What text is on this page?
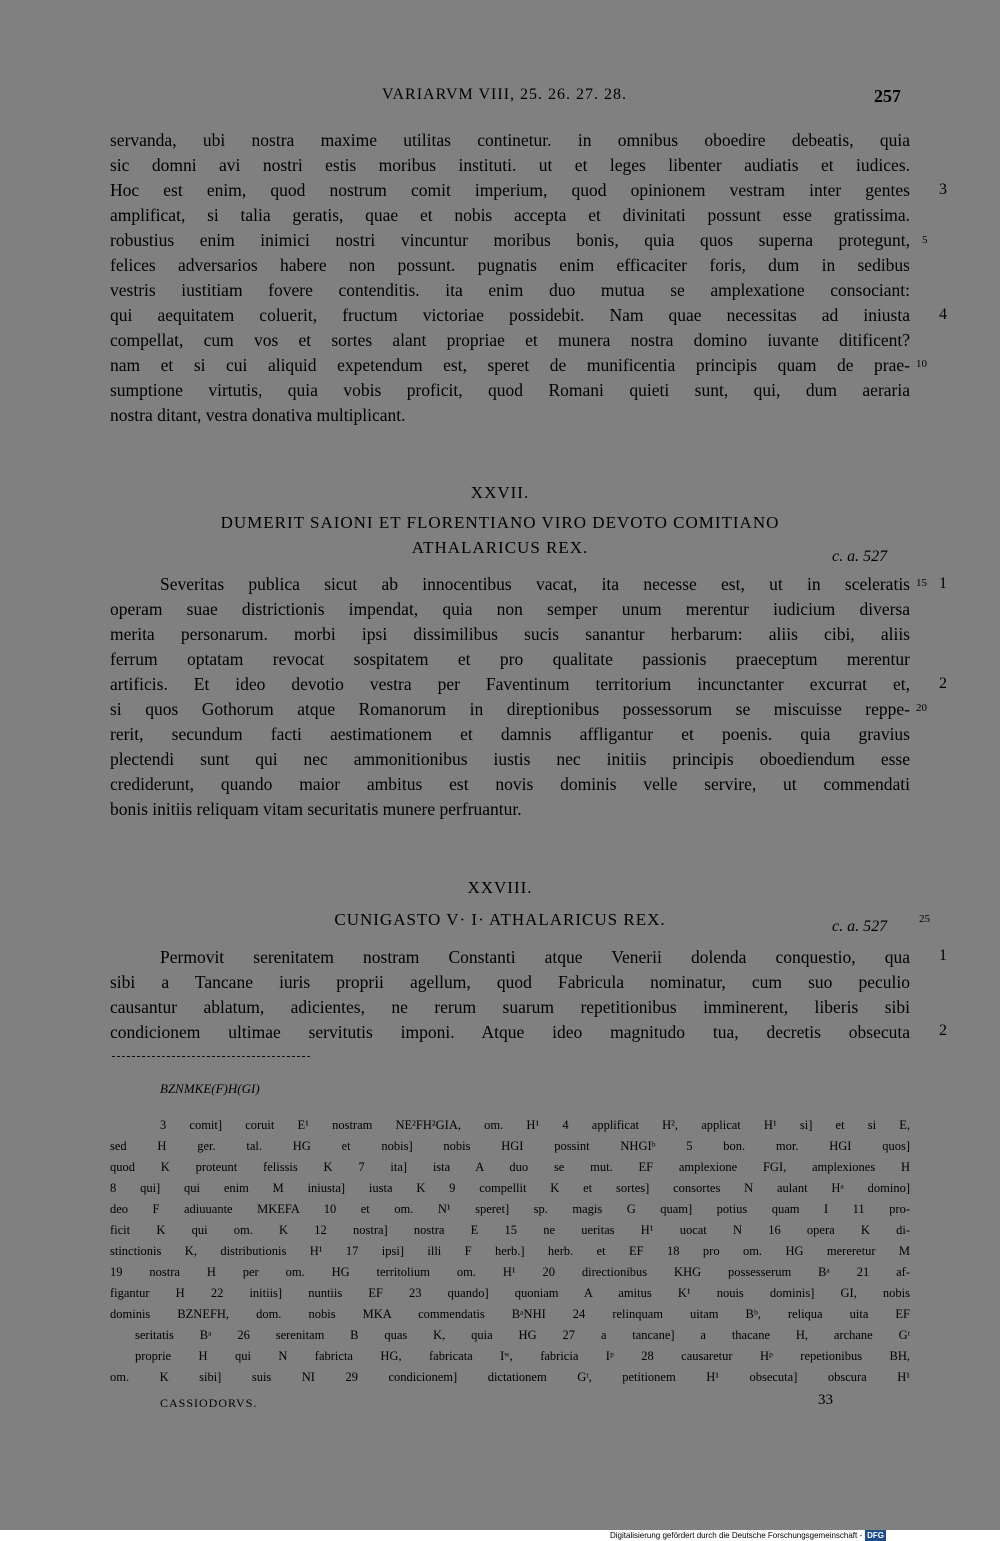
VARIARVM VIII, 25. 26. 27. 28.	257
servanda, ubi nostra maxime utilitas continetur. in omnibus oboedire debeatis, quia
sic domni avi nostri estis moribus instituti. ut et leges libenter audiatis et iudices.
Hoc est enim, quod nostrum comit imperium, quod opinionem vestram inter gentes
amplificat, si talia geratis, quae et nobis accepta et divinitati possunt esse gratissima.
robustius enim inimici nostri vincuntur moribus bonis, quia quos superna protegunt,
felices adversarios habere non possunt. pugnatis enim efficaciter foris, dum in sedibus
vestris iustitiam fovere contenditis. ita enim duo mutua se amplexatione consociant:
qui aequitatem coluerit, fructum victoriae possidebit. Nam quae necessitas ad iniusta
compellat, cum vos et sortes alant propriae et munera nostra domino iuvante ditificent?
nam et si cui aliquid expetendum est, speret de munificentia principis quam de prae-
sumptione virtutis, quia vobis proficit, quod Romani quieti sunt, qui, dum aeraria
nostra ditant, vestra donativa multiplicant.
3
5
4
10
XXVII.
DUMERIT SAIONI ET FLORENTIANO VIRO DEVOTO COMITIANO
ATHALARICUS REX.	c. a. 527
Severitas publica sicut ab innocentibus vacat, ita necesse est, ut in sceleratis
operam suae districtionis impendat, quia non semper unum merentur iudicium diversa
merita personarum. morbi ipsi dissimilibus sucis sanantur herbarum: aliis cibi, aliis
ferrum optatam revocat sospitatem et pro qualitate passionis praeceptum merentur
artificis. Et ideo devotio vestra per Faventinum territorium incunctanter excurrat et,
si quos Gothorum atque Romanorum in direptionibus possessorum se miscuisse reppe-
rerit, secundum facti aestimationem et damnis affligantur et poenis. quia gravius
plectendi sunt qui nec ammonitionibus iustis nec initiis principis oboediendum esse
crediderunt, quando maior ambitus est novis dominis velle servire, ut commendati
bonis initiis reliquam vitam securitatis munere perfruantur.
15 1
2
20
XXVIII.
CUNIGASTO V· I· ATHALARICUS REX.	c. a. 527	25
Permovit serenitatem nostram Constanti atque Venerii dolenda conquestio, qua
sibi a Tancane iuris proprii agellum, quod Fabricula nominatur, cum suo peculio
causantur ablatum, adicientes, ne rerum suarum repetitionibus imminerent, liberis sibi
condicionem ultimae servitutis imponi. Atque ideo magnitudo tua, decretis obsecuta
1
2
BZNMKE(F)H(GI)
3 comit] coruit E¹ nostram NE²FH²GIA, om. H¹ 4 applificat H², applicat H¹ si] et si E,
sed H ger. tal. HG et nobis] nobis HGI possint NHGIᵇ 5 bon. mor. HGI quos]
quod K proteunt felissis K 7 ita] ista A duo se mut. EF amplexione FGI, amplexiones H
8 qui] qui enim M iniusta] iusta K 9 compellit K et sortes] consortes N aulant Hᵃ domino]
deo F adiuuante MKEFA 10 et om. N¹ speret] sp. magis G quam] potius quam I 11 pro-
ficit K qui om. K 12 nostra] nostra E 15 ne ueritas H¹ uocat N 16 opera K di-
stinctionis K, distributionis H¹ 17 ipsi] illi F herb.] herb. et EF 18 pro om. HG mereretur M
19 nostra H per om. HG territolium om. H¹ 20 directionibus KHG possesserum Bᵃ 21 af-
figantur H 22 initiis] nuntiis EF 23 quando] quoniam A amitus K¹ nouis dominis] GI, nobis
dominis BZNEFH, dom. nobis MKA commendatis BᵃNHI 24 relinquam uitam Bᵇ, reliqua uita EF
seritatis Bᵃ 26 serenitam B quas K, quia HG 27 a tancane] a thacane H, archane Gᵗ
proprie H qui N fabricta HG, fabricata Iʷ, fabricia Iᵖ 28 causaretur Hᵖ repetionibus BH,
om. K sibi] suis NI 29 condicionem] dictationem Gᵗ, petitionem H¹ obsecuta] obscura H¹
CASSIODORVS.	33
Digitalisierung gefördert durch die Deutsche Forschungsgemeinschaft - DFG
